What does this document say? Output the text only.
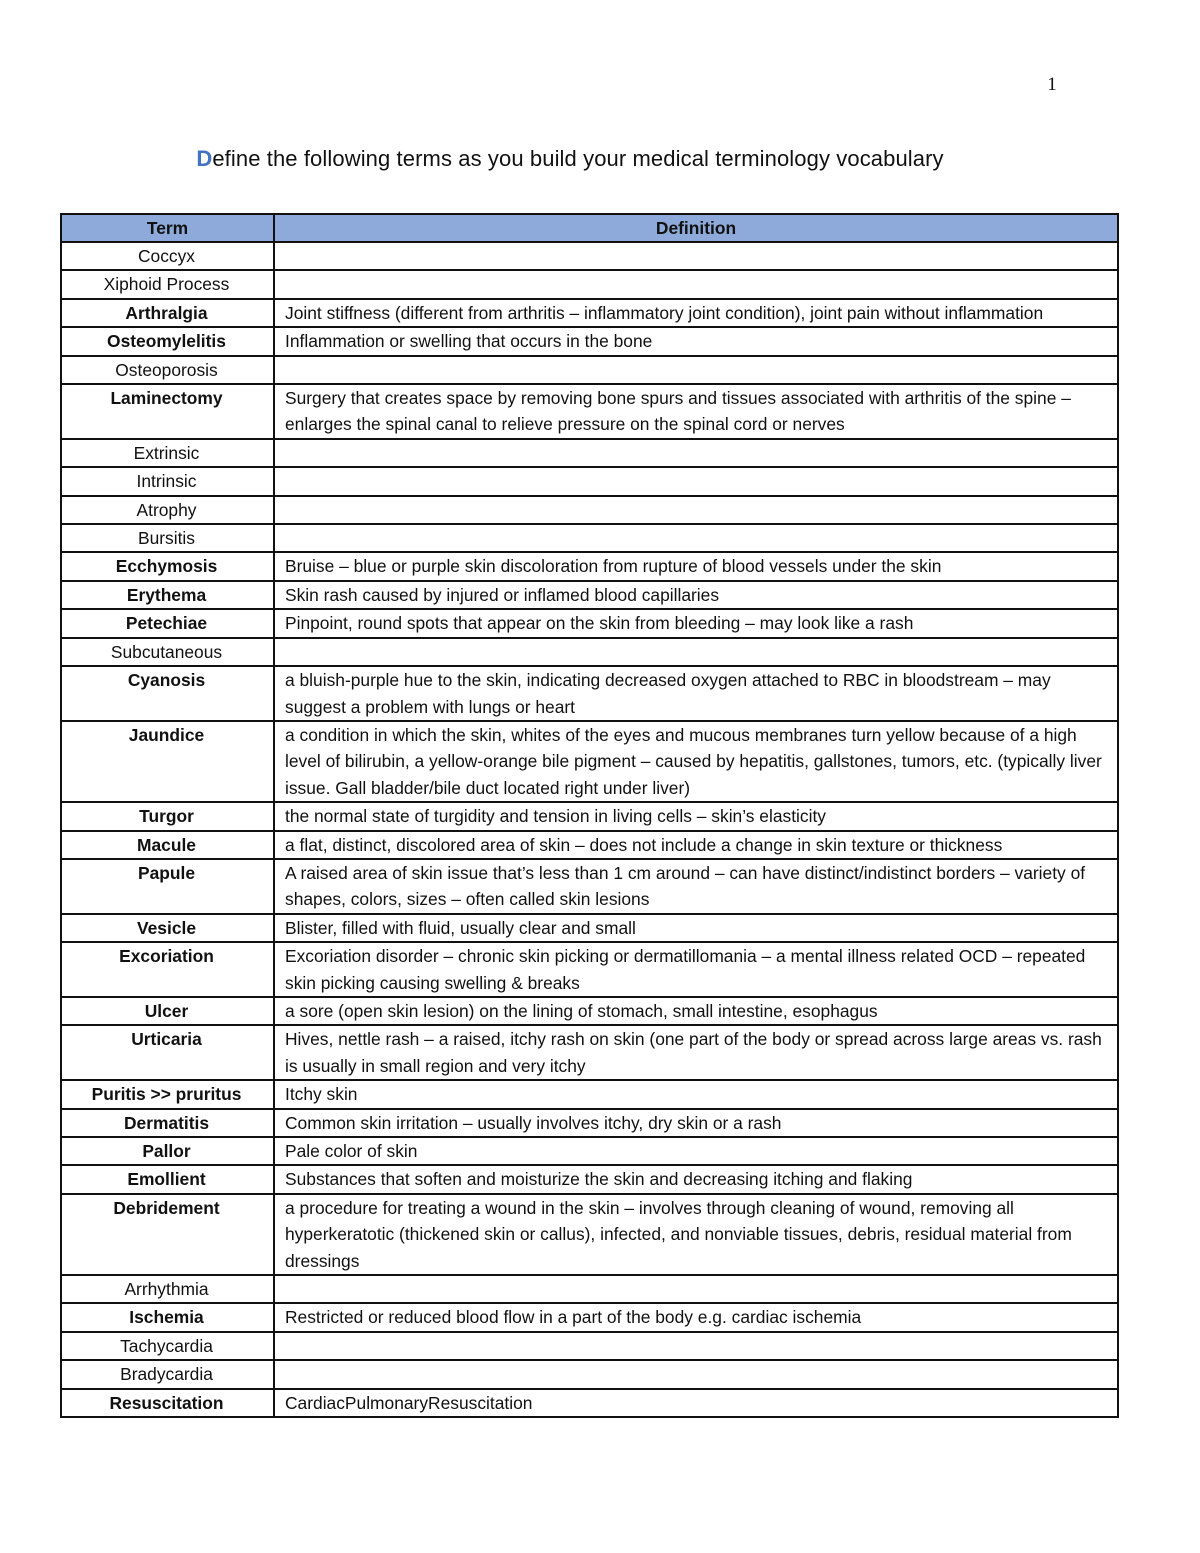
1
Define the following terms as you build your medical terminology vocabulary
Term	Definition
Coccyx	
Xiphoid Process	
Arthralgia	Joint stiffness (different from arthritis – inflammatory joint condition), joint pain without inflammation
Osteomylelitis	Inflammation or swelling that occurs in the bone
Osteoporosis	
Laminectomy	Surgery that creates space by removing bone spurs and tissues associated with arthritis of the spine – enlarges the spinal canal to relieve pressure on the spinal cord or nerves
Extrinsic	
Intrinsic	
Atrophy	
Bursitis	
Ecchymosis	Bruise – blue or purple skin discoloration from rupture of blood vessels under the skin
Erythema	Skin rash caused by injured or inflamed blood capillaries
Petechiae	Pinpoint, round spots that appear on the skin from bleeding – may look like a rash
Subcutaneous	
Cyanosis	a bluish-purple hue to the skin, indicating decreased oxygen attached to RBC in bloodstream – may suggest a problem with lungs or heart
Jaundice	a condition in which the skin, whites of the eyes and mucous membranes turn yellow because of a high level of bilirubin, a yellow-orange bile pigment – caused by hepatitis, gallstones, tumors, etc. (typically liver issue. Gall bladder/bile duct located right under liver)
Turgor	the normal state of turgidity and tension in living cells – skin’s elasticity
Macule	a flat, distinct, discolored area of skin – does not include a change in skin texture or thickness
Papule	A raised area of skin issue that’s less than 1 cm around – can have distinct/indistinct borders – variety of shapes, colors, sizes – often called skin lesions
Vesicle	Blister, filled with fluid, usually clear and small
Excoriation	Excoriation disorder – chronic skin picking or dermatillomania – a mental illness related OCD – repeated skin picking causing swelling & breaks
Ulcer	a sore (open skin lesion) on the lining of stomach, small intestine, esophagus
Urticaria	Hives, nettle rash – a raised, itchy rash on skin (one part of the body or spread across large areas vs. rash is usually in small region and very itchy
Puritis >> pruritus	Itchy skin
Dermatitis	Common skin irritation – usually involves itchy, dry skin or a rash
Pallor	Pale color of skin
Emollient	Substances that soften and moisturize the skin and decreasing itching and flaking
Debridement	a procedure for treating a wound in the skin – involves through cleaning of wound, removing all hyperkeratotic (thickened skin or callus), infected, and nonviable tissues, debris, residual material from dressings
Arrhythmia	
Ischemia	Restricted or reduced blood flow in a part of the body e.g. cardiac ischemia
Tachycardia	
Bradycardia	
Resuscitation	CardiacPulmonaryResuscitation
